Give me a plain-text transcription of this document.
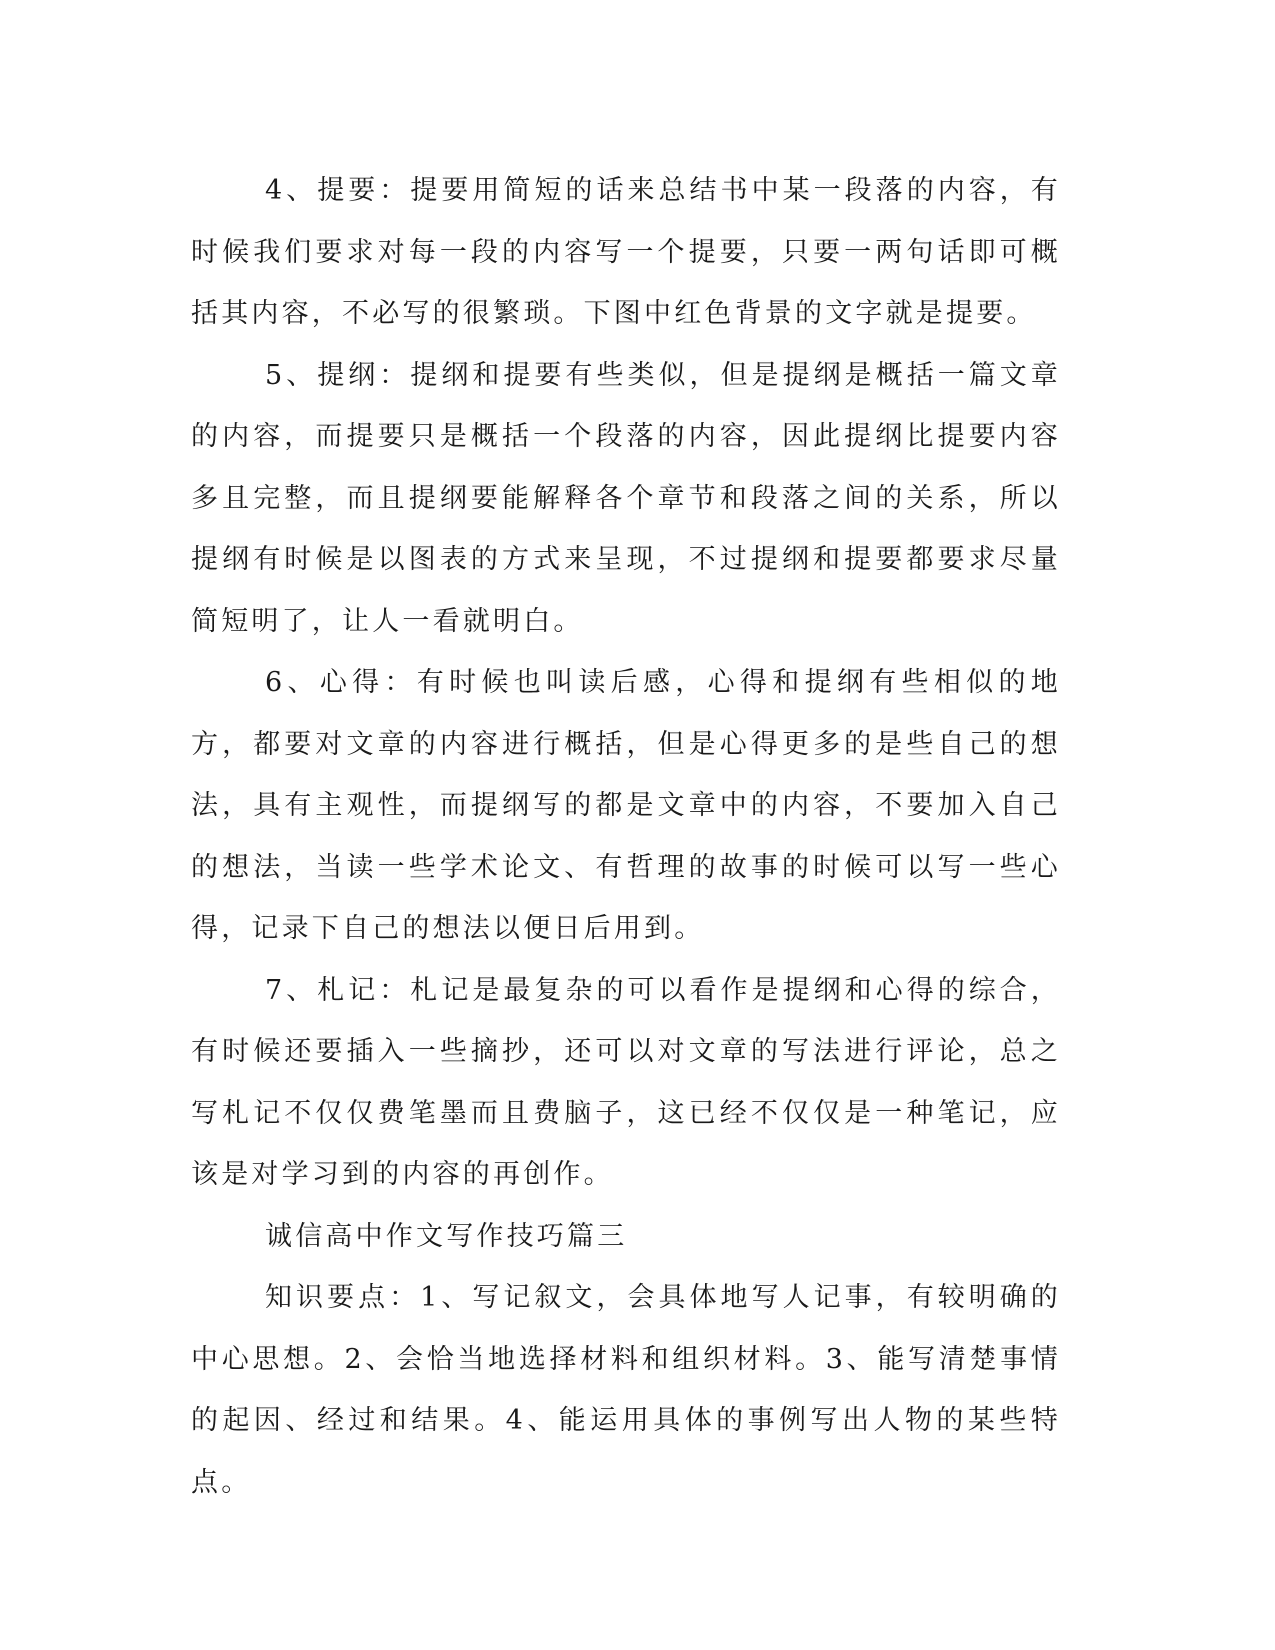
4、提要：提要用简短的话来总结书中某一段落的内容，有时候我们要求对每一段的内容写一个提要，只要一两句话即可概括其内容，不必写的很繁琐。下图中红色背景的文字就是提要。

5、提纲：提纲和提要有些类似，但是提纲是概括一篇文章的内容，而提要只是概括一个段落的内容，因此提纲比提要内容多且完整，而且提纲要能解释各个章节和段落之间的关系，所以提纲有时候是以图表的方式来呈现，不过提纲和提要都要求尽量简短明了，让人一看就明白。

6、心得：有时候也叫读后感，心得和提纲有些相似的地方，都要对文章的内容进行概括，但是心得更多的是些自己的想法，具有主观性，而提纲写的都是文章中的内容，不要加入自己的想法，当读一些学术论文、有哲理的故事的时候可以写一些心得，记录下自己的想法以便日后用到。

7、札记：札记是最复杂的可以看作是提纲和心得的综合，有时候还要插入一些摘抄，还可以对文章的写法进行评论，总之写札记不仅仅费笔墨而且费脑子，这已经不仅仅是一种笔记，应该是对学习到的内容的再创作。

诚信高中作文写作技巧篇三

知识要点：1、写记叙文，会具体地写人记事，有较明确的中心思想。2、会恰当地选择材料和组织材料。3、能写清楚事情的起因、经过和结果。4、能运用具体的事例写出人物的某些特点。
